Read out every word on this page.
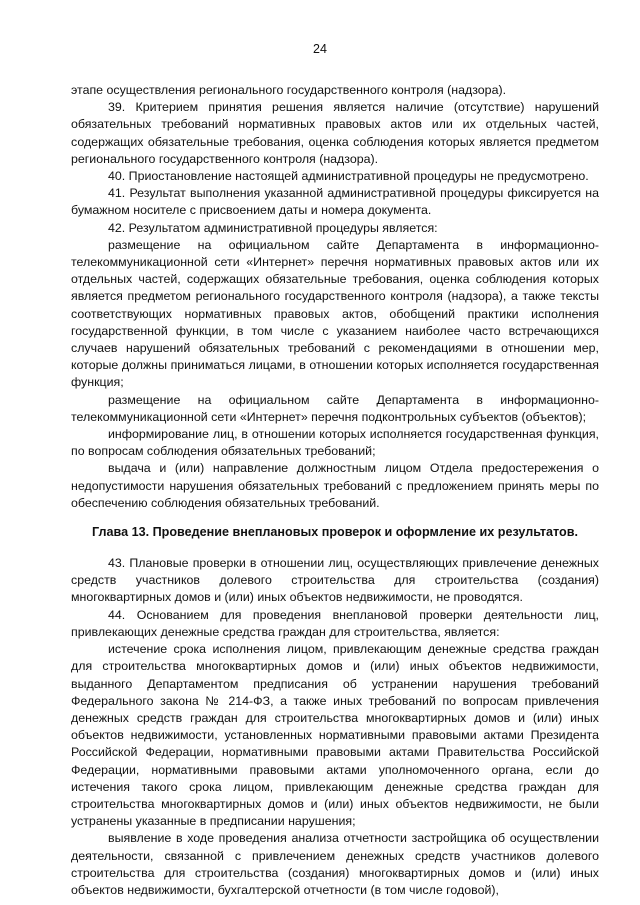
24

этапе осуществления регионального государственного контроля (надзора).

39. Критерием принятия решения является наличие (отсутствие) нарушений обязательных требований нормативных правовых актов или их отдельных частей, содержащих обязательные требования, оценка соблюдения которых является предметом регионального государственного контроля (надзора).

40. Приостановление настоящей административной процедуры не предусмотрено.

41. Результат выполнения указанной административной процедуры фиксируется на бумажном носителе с присвоением даты и номера документа.

42. Результатом административной процедуры является:

размещение на официальном сайте Департамента в информационно-телекоммуникационной сети «Интернет» перечня нормативных правовых актов или их отдельных частей, содержащих обязательные требования, оценка соблюдения которых является предметом регионального государственного контроля (надзора), а также тексты соответствующих нормативных правовых актов, обобщений практики исполнения государственной функции, в том числе с указанием наиболее часто встречающихся случаев нарушений обязательных требований с рекомендациями в отношении мер, которые должны приниматься лицами, в отношении которых исполняется государственная функция;

размещение на официальном сайте Департамента в информационно-телекоммуникационной сети «Интернет» перечня подконтрольных субъектов (объектов);

информирование лиц, в отношении которых исполняется государственная функция, по вопросам соблюдения обязательных требований;

выдача и (или) направление должностным лицом Отдела предостережения о недопустимости нарушения обязательных требований с предложением принять меры по обеспечению соблюдения обязательных требований.

Глава 13. Проведение внеплановых проверок и оформление их результатов.

43. Плановые проверки в отношении лиц, осуществляющих привлечение денежных средств участников долевого строительства для строительства (создания) многоквартирных домов и (или) иных объектов недвижимости, не проводятся.

44. Основанием для проведения внеплановой проверки деятельности лиц, привлекающих денежные средства граждан для строительства, является:

истечение срока исполнения лицом, привлекающим денежные средства граждан для строительства многоквартирных домов и (или) иных объектов недвижимости, выданного Департаментом предписания об устранении нарушения требований Федерального закона № 214-ФЗ, а также иных требований по вопросам привлечения денежных средств граждан для строительства многоквартирных домов и (или) иных объектов недвижимости, установленных нормативными правовыми актами Президента Российской Федерации, нормативными правовыми актами Правительства Российской Федерации, нормативными правовыми актами уполномоченного органа, если до истечения такого срока лицом, привлекающим денежные средства граждан для строительства многоквартирных домов и (или) иных объектов недвижимости, не были устранены указанные в предписании нарушения;

выявление в ходе проведения анализа отчетности застройщика об осуществлении деятельности, связанной с привлечением денежных средств участников долевого строительства для строительства (создания) многоквартирных домов и (или) иных объектов недвижимости, бухгалтерской отчетности (в том числе годовой),
